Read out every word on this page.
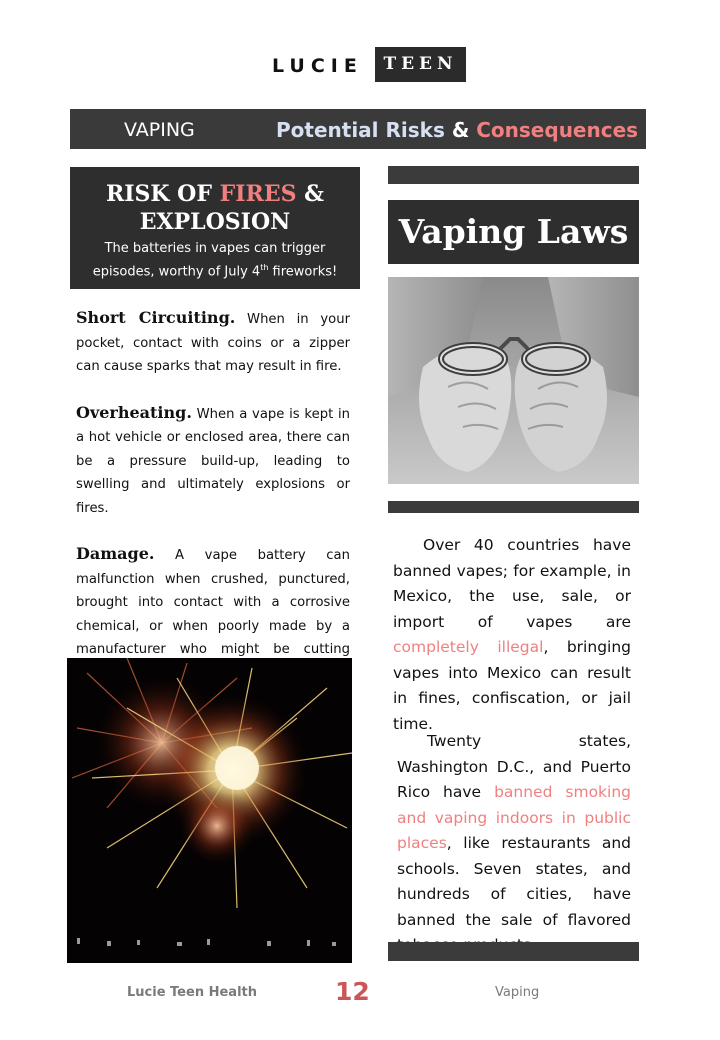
LUCIE	TEEN
VAPING	Potential Risks & Consequences
RISK OF FIRES & EXPLOSION
The batteries in vapes can trigger episodes, worthy of July 4th fireworks!

Short Circuiting. When in your pocket, contact with coins or a zipper can cause sparks that may result in fire.

Overheating. When a vape is kept in a hot vehicle or enclosed area, there can be a pressure build-up, leading to swelling and ultimately explosions or fires.

Damage. A vape battery can malfunction when crushed, punctured, brought into contact with a corrosive chemical, or when poorly made by a manufacturer who might be cutting

Vaping Laws
Over 40 countries have banned vapes; for example, in Mexico, the use, sale, or import of vapes are completely illegal, bringing vapes into Mexico can result in fines, confiscation, or jail time.
Twenty states, Washington D.C., and Puerto Rico have banned smoking and vaping indoors in public places, like restaurants and schools. Seven states, and hundreds of cities, have banned the sale of flavored
Lucie Teen Health	12	Vaping
